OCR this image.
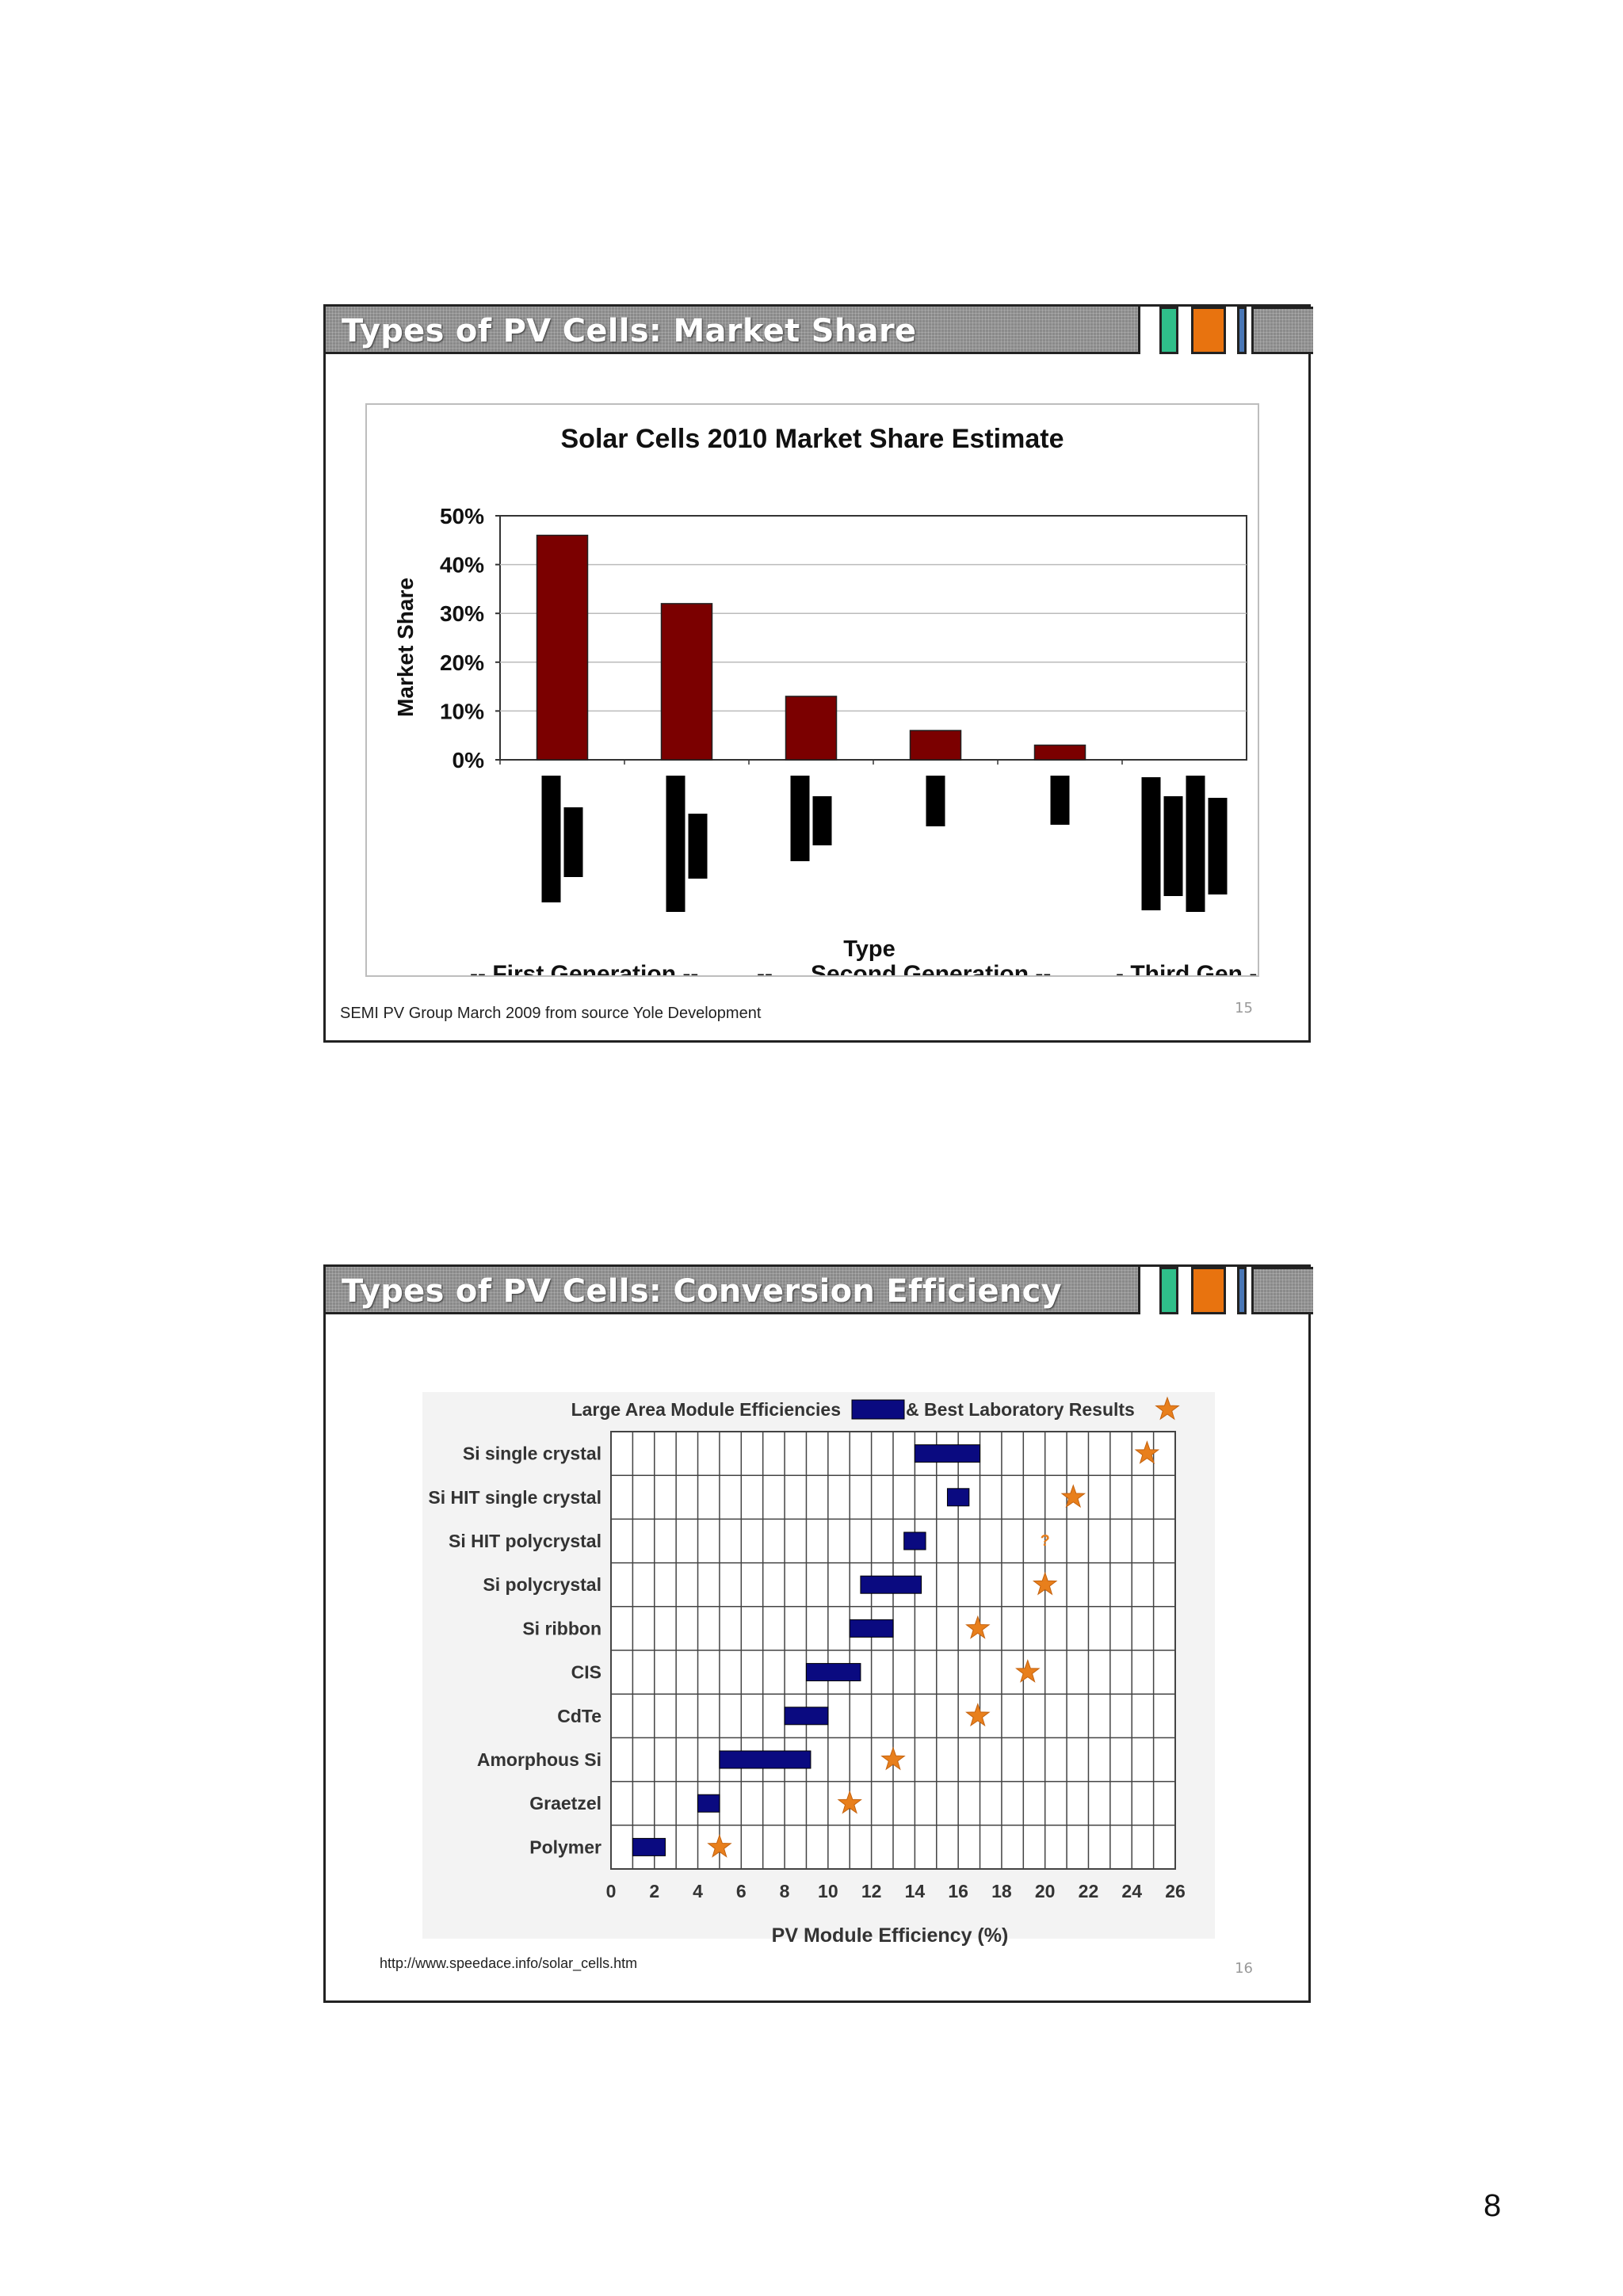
Types of PV Cells: Market Share
Solar Cells 2010 Market Share Estimate
Market Share
0%
10%
20%
30%
40%
50%
Type
-- First Generation -- -- Second Generation --	- Third Gen -
SEMI PV Group March 2009 from source Yole Development	15
Types of PV Cells: Conversion Efficiency
Large Area Module Efficiencies	& Best Laboratory Results
Si single crystal
Si HIT single crystal
Si HIT polycrystal
Si polycrystal
Si ribbon
CIS
CdTe
Amorphous Si
Graetzel
Polymer
?
0 2 4 6 8 10 12 14 16 18 20 22 24 26
PV Module Efficiency (%)
http://www.speedace.info/solar_cells.htm	16
8
